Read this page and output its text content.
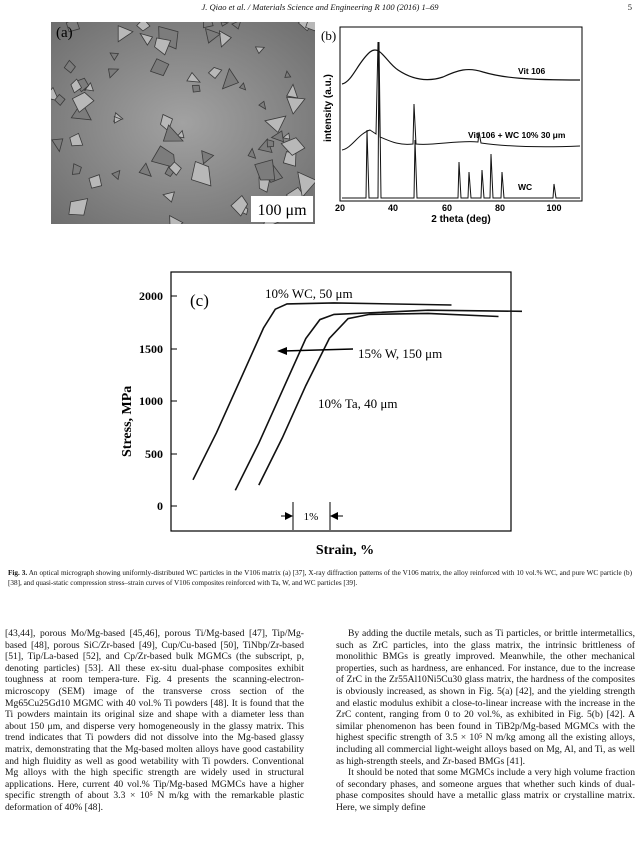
J. Qiao et al. / Materials Science and Engineering R 100 (2016) 1–69	5
100 μm
(a)	(b)
intensity (a.u.)
20	40	60	80	100
2 theta (deg)
Vit 106
Vit 106 + WC 10% 30 μm
WC
(c)
Stress, MPa
Strain, %
0
500
1000
1500
2000	10% WC, 50 μm
15% W, 150 μm
10% Ta, 40 μm
1%
Fig. 3. An optical micrograph showing uniformly-distributed WC particles in the V106 matrix (a) [37], X-ray diffraction patterns of the V106 matrix, the alloy reinforced with 10 vol.% WC, and pure WC particle (b) [38], and quasi-static compression stress–strain curves of V106 composites reinforced with Ta, W, and WC particles [39].

[43,44], porous Mo/Mg-based [45,46], porous Ti/Mg-based [47], Tip/Mg-based [48], porous SiC/Zr-based [49], Cup/Cu-based [50], TiNbp/Zr-based [51], Tip/La-based [52], and Cp/Zr-based bulk MGMCs (the subscript, p, denoting particles) [53]. All these ex-situ dual-phase composites exhibit toughness at room tempera-ture. Fig. 4 presents the scanning-electron-microscopy (SEM) image of the transverse cross section of the Mg65Cu25Gd10 MGMC with 40 vol.% Ti powders [48]. It is found that the Ti powders maintain its original size and shape with a diameter less than about 150 μm, and disperse very homogeneously in the glassy matrix. This trend indicates that Ti powders did not dissolve into the Mg-based glassy matrix, demonstrating that the Mg-based molten alloys have good castability and high fluidity as well as good wetability with Ti powders. Conventional Mg alloys with the high specific strength are widely used in structural applications. Here, current 40 vol.% Tip/Mg-based MGMCs have a higher specific strength of about 3.3 × 10⁵ N m/kg with the remarkable plastic deformation of 40% [48].

By adding the ductile metals, such as Ti particles, or brittle intermetallics, such as ZrC particles, into the glass matrix, the intrinsic brittleness of monolithic BMGs is greatly improved. Meanwhile, the other mechanical properties, such as hardness, are enhanced. For instance, due to the increase of ZrC in the Zr55Al10Ni5Cu30 glass matrix, the hardness of the composites is obviously increased, as shown in Fig. 5(a) [42], and the yielding strength and elastic modulus exhibit a close-to-linear increase with the increase in the ZrC content, ranging from 0 to 20 vol.%, as exhibited in Fig. 5(b) [42]. A similar phenomenon has been found in TiB2p/Mg-based MGMCs with the highest specific strength of 3.5 × 10⁵ N m/kg among all the existing alloys, including all commercial light-weight alloys based on Mg, Al, and Ti, as well as high-strength steels, and Zr-based BMGs [41].

It should be noted that some MGMCs include a very high volume fraction of secondary phases, and someone argues that whether such kinds of dual-phase composites should have a metallic glass matrix or crystalline matrix. Here, we simply define
